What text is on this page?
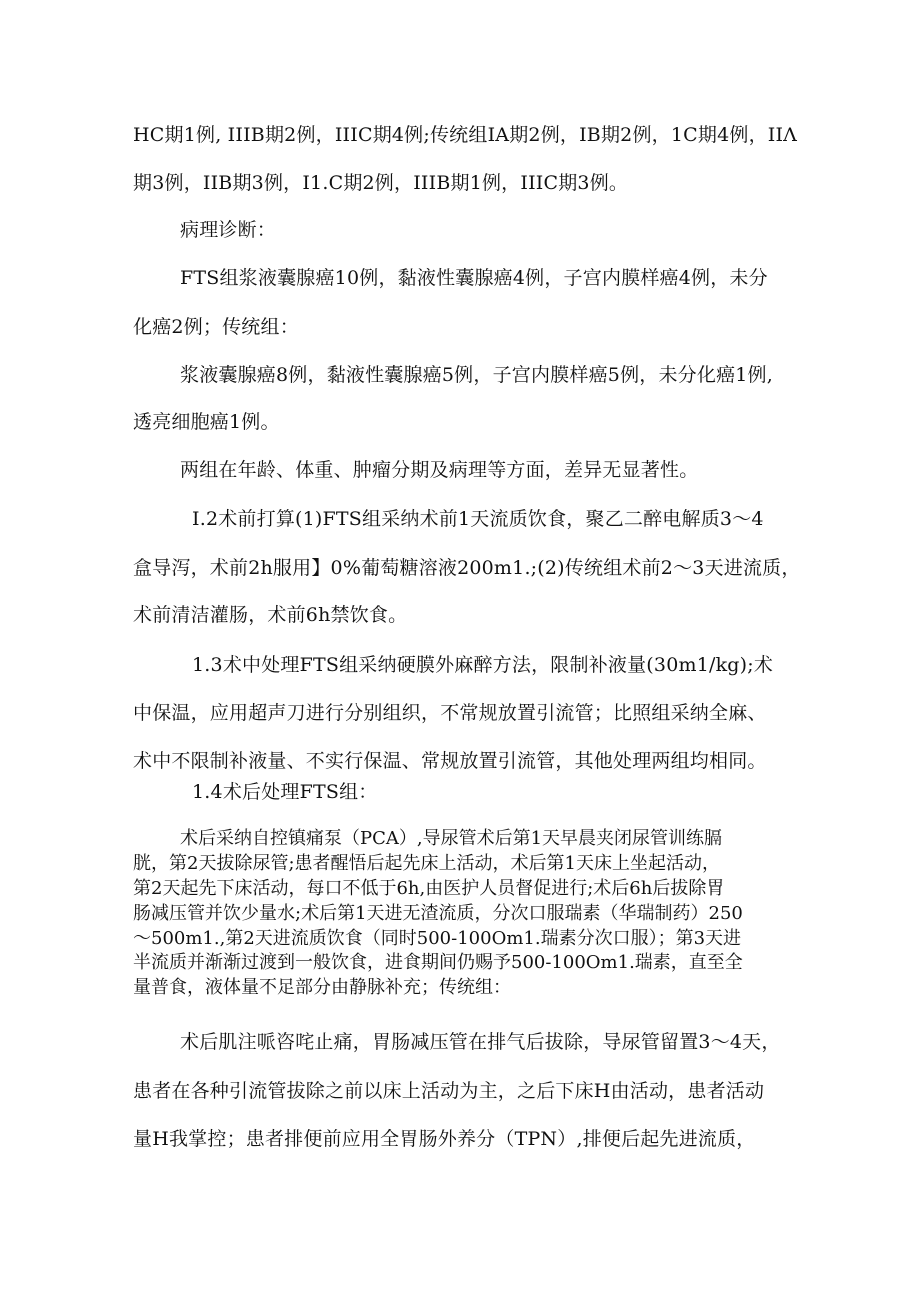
HC期1例, IIIB期2例，IIIC期4例;传统组IA期2例，IB期2例，1C期4例，IIΛ
期3例，IIB期3例，I1.C期2例，IIIB期1例，IIIC期3例。
病理诊断：
FTS组浆液囊腺癌10例，黏液性囊腺癌4例，子宫内膜样癌4例，未分
化癌2例；传统组：
浆液囊腺癌8例，黏液性囊腺癌5例，子宫内膜样癌5例，未分化癌1例,
透亮细胞癌1例。
两组在年龄、体重、肿瘤分期及病理等方面，差异无显著性。
I.2术前打算(1)FTS组采纳术前1天流质饮食，聚乙二醉电解质3～4
盒导泻，术前2h服用】0%葡萄糖溶液200m1.;(2)传统组术前2～3天进流质，
术前清洁灌肠，术前6h禁饮食。
1.3术中处理FTS组采纳硬膜外麻醉方法，限制补液量(30m1∕kg);术
中保温，应用超声刀进行分别组织，不常规放置引流管；比照组采纳全麻、
术中不限制补液量、不实行保温、常规放置引流管，其他处理两组均相同。
1.4术后处理FTS组：
术后采纳自控镇痛泵（PCA）,导尿管术后第1天早晨夹闭尿管训练膈
胱，第2天拔除尿管;患者醒悟后起先床上活动，术后第1天床上坐起活动，
第2天起先下床活动，每口不低于6h,由医护人员督促进行;术后6h后拔除胃
肠减压管并饮少量水;术后第1天进无渣流质，分次口服瑞素（华瑞制药）250
～500m1.,第2天进流质饮食（同时500-100Om1.瑞素分次口服）；第3天进
半流质并渐渐过渡到一般饮食，进食期间仍赐予500-100Om1.瑞素，直至全
量普食，液体量不足部分由静脉补充；传统组：
术后肌注哌咨咤止痛，胃肠减压管在排气后拔除，导尿管留置3～4天，
患者在各种引流管拔除之前以床上活动为主，之后下床H由活动，患者活动
量H我掌控；患者排便前应用全胃肠外养分（TPN）,排便后起先进流质，
